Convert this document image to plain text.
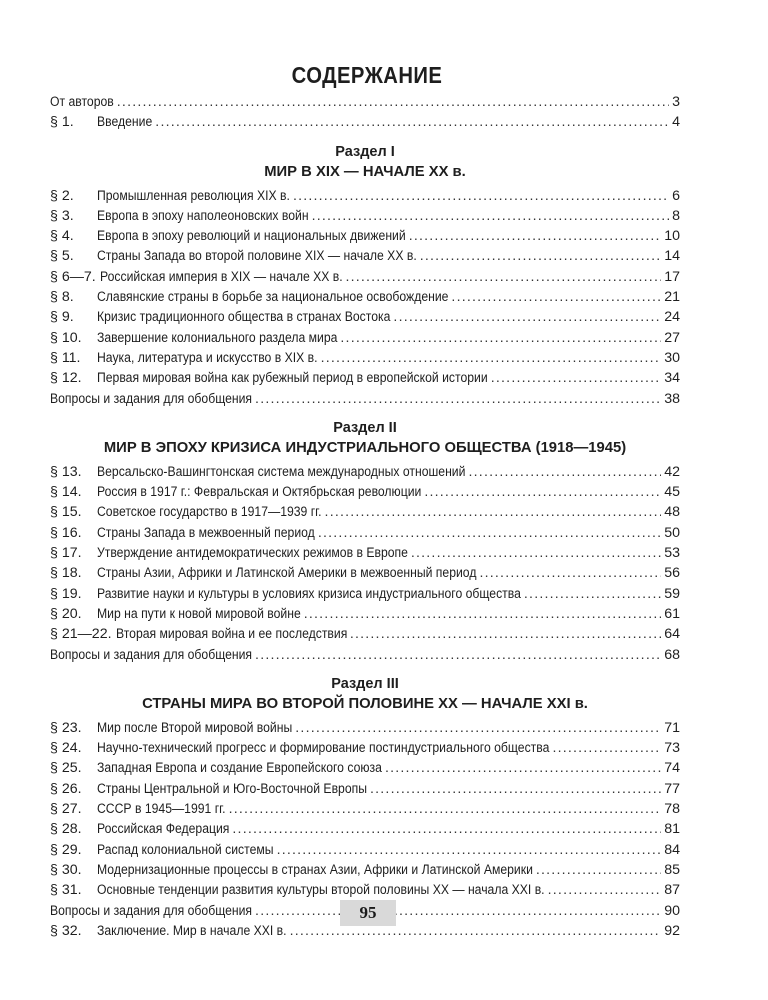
СОДЕРЖАНИЕ
От авторов .....	3
§ 1.	Введение .....	4
Раздел I
МИР В XIX — НАЧАЛЕ XX в.
§ 2.	Промышленная революция XIX в. .....	6
§ 3.	Европа в эпоху наполеоновских войн .....	8
§ 4.	Европа в эпоху революций и национальных движений .....	10
§ 5.	Страны Запада во второй половине XIX — начале XX в. .....	14
§ 6—7. Российская империя в XIX — начале XX в. .....	17
§ 8.	Славянские страны в борьбе за национальное освобождение .....	21
§ 9.	Кризис традиционного общества в странах Востока .....	24
§ 10.	Завершение колониального раздела мира .....	27
§ 11.	Наука, литература и искусство в XIX в. .....	30
§ 12.	Первая мировая война как рубежный период в европейской истории .....	34
Вопросы и задания для обобщения .....	38
Раздел II
МИР В ЭПОХУ КРИЗИСА ИНДУСТРИАЛЬНОГО ОБЩЕСТВА (1918—1945)
§ 13.	Версальско-Вашингтонская система международных отношений .....	42
§ 14.	Россия в 1917 г.: Февральская и Октябрьская революции .....	45
§ 15.	Советское государство в 1917—1939 гг. .....	48
§ 16.	Страны Запада в межвоенный период .....	50
§ 17.	Утверждение антидемократических режимов в Европе .....	53
§ 18.	Страны Азии, Африки и Латинской Америки в межвоенный период .....	56
§ 19.	Развитие науки и культуры в условиях кризиса индустриального общества .....	59
§ 20.	Мир на пути к новой мировой войне .....	61
§ 21—22. Вторая мировая война и ее последствия .....	64
Вопросы и задания для обобщения .....	68
Раздел III
СТРАНЫ МИРА ВО ВТОРОЙ ПОЛОВИНЕ XX — НАЧАЛЕ XXI в.
§ 23.	Мир после Второй мировой войны .....	71
§ 24.	Научно-технический прогресс и формирование постиндустриального общества .....	73
§ 25.	Западная Европа и создание Европейского союза .....	74
§ 26.	Страны Центральной и Юго-Восточной Европы .....	77
§ 27.	СССР в 1945—1991 гг. .....	78
§ 28.	Российская Федерация .....	81
§ 29.	Распад колониальной системы .....	84
§ 30.	Модернизационные процессы в странах Азии, Африки и Латинской Америки .....	85
§ 31.	Основные тенденции развития культуры второй половины XX — начала XXI в. .....	87
Вопросы и задания для обобщения .....	90
§ 32.	Заключение. Мир в начале XXI в. .....	92
95
